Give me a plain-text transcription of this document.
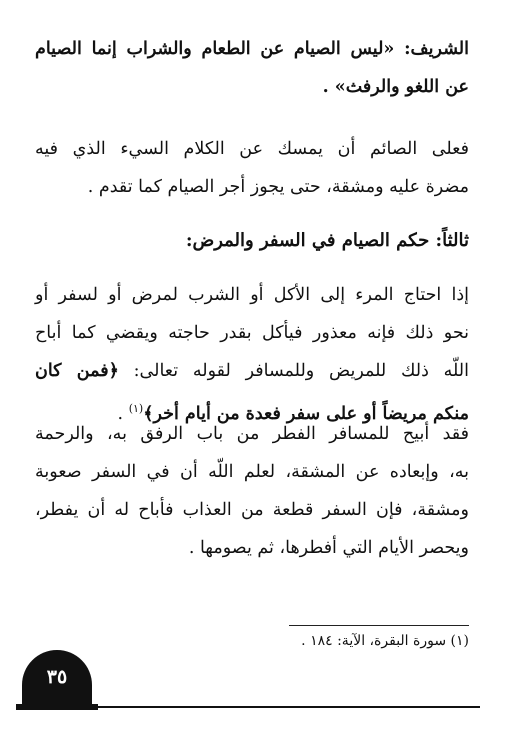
الشريف: «ليس الصيام عن الطعام والشراب إنما الصيام
عن اللغو والرفث» .
فعلى الصائم أن يمسك عن الكلام السيء الذي فيه
مضرة عليه ومشقة، حتى يجوز أجر الصيام كما تقدم .
ثالثاً: حكم الصيام في السفر والمرض:
إذا احتاج المرء إلى الأكل أو الشرب لمرض أو لسفر أو
نحو ذلك فإنه معذور فيأكل بقدر حاجته ويقضي كما أباح
اللّه ذلك للمريض وللمسافر لقوله تعالى: ﴿فمن كان
منكم مريضاً أو على سفر فعدة من أيام أخر﴾$^{(١)}$ .
فقد أبيح للمسافر الفطر من باب الرفق به، والرحمة
به، وإبعاده عن المشقة، لعلم اللّه أن في السفر صعوبة
ومشقة، فإن السفر قطعة من العذاب فأباح له أن يفطر،
ويحصر الأيام التي أفطرها، ثم يصومها .
(١) سورة البقرة، الآية: ١٨٤ .
٣٥
